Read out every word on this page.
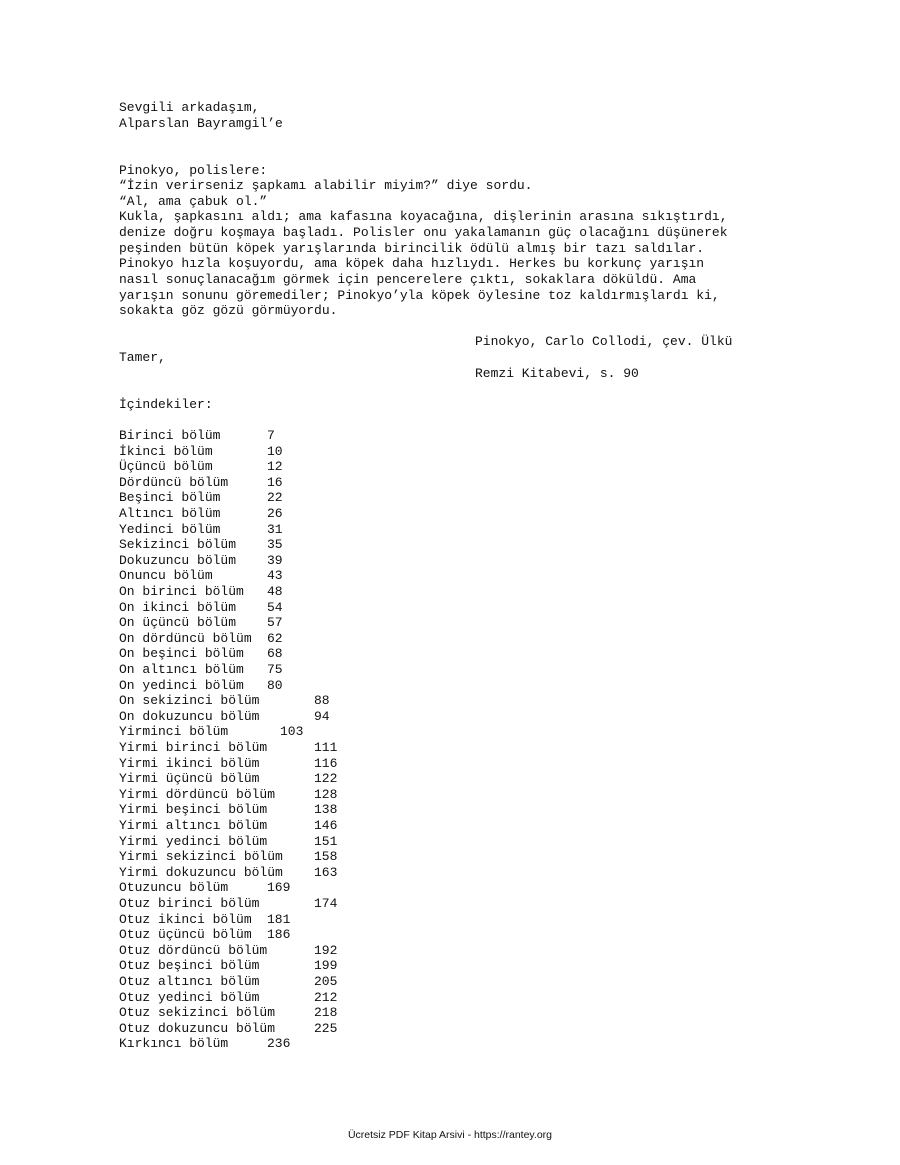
Sevgili arkadaşım,
Alparslan Bayramgil’e
Pinokyo, polislere:
“İzin verirseniz şapkamı alabilir miyim?” diye sordu.
“Al, ama çabuk ol.”
Kukla, şapkasını aldı; ama kafasına koyacağına, dişlerinin arasına sıkıştırdı,
denize doğru koşmaya başladı. Polisler onu yakalamanın güç olacağını düşünerek
peşinden bütün köpek yarışlarında birincilik ödülü almış bir tazı saldılar.
Pinokyo hızla koşuyordu, ama köpek daha hızlıydı. Herkes bu korkunç yarışın
nasıl sonuçlanacağım görmek için pencerelere çıktı, sokaklara döküldü. Ama
yarışın sonunu göremediler; Pinokyo’yla köpek öylesine toz kaldırmışlardı ki,
sokakta göz gözü görmüyordu.
Pinokyo, Carlo Collodi, çev. Ülkü
Tamer,
Remzi Kitabevi, s. 90
İçindekiler:
Birinci bölüm	7
İkinci bölüm	10
Üçüncü bölüm	12
Dördüncü bölüm	16
Beşinci bölüm	22
Altıncı bölüm	26
Yedinci bölüm	31
Sekizinci bölüm 35
Dokuzuncu bölüm 39
Onuncu bölüm	43
On birinci bölüm 48
On ikinci bölüm 54
On üçüncü bölüm 57
On dördüncü bölüm 62
On beşinci bölüm 68
On altıncı bölüm 75
On yedinci bölüm 80
On sekizinci bölüm	88
On dokuzuncu bölüm	94
Yirminci bölüm	103
Yirmi birinci bölüm	111
Yirmi ikinci bölüm	116
Yirmi üçüncü bölüm	122
Yirmi dördüncü bölüm	128
Yirmi beşinci bölüm	138
Yirmi altıncı bölüm	146
Yirmi yedinci bölüm	151
Yirmi sekizinci bölüm 158
Yirmi dokuzuncu bölüm 163
Otuzuncu bölüm	169
Otuz birinci bölüm	174
Otuz ikinci bölüm 181
Otuz üçüncü bölüm 186
Otuz dördüncü bölüm	192
Otuz beşinci bölüm	199
Otuz altıncı bölüm	205
Otuz yedinci bölüm	212
Otuz sekizinci bölüm	218
Otuz dokuzuncu bölüm	225
Kırkıncı bölüm	236
Ücretsiz PDF Kitap Arsivi - https://rantey.org
